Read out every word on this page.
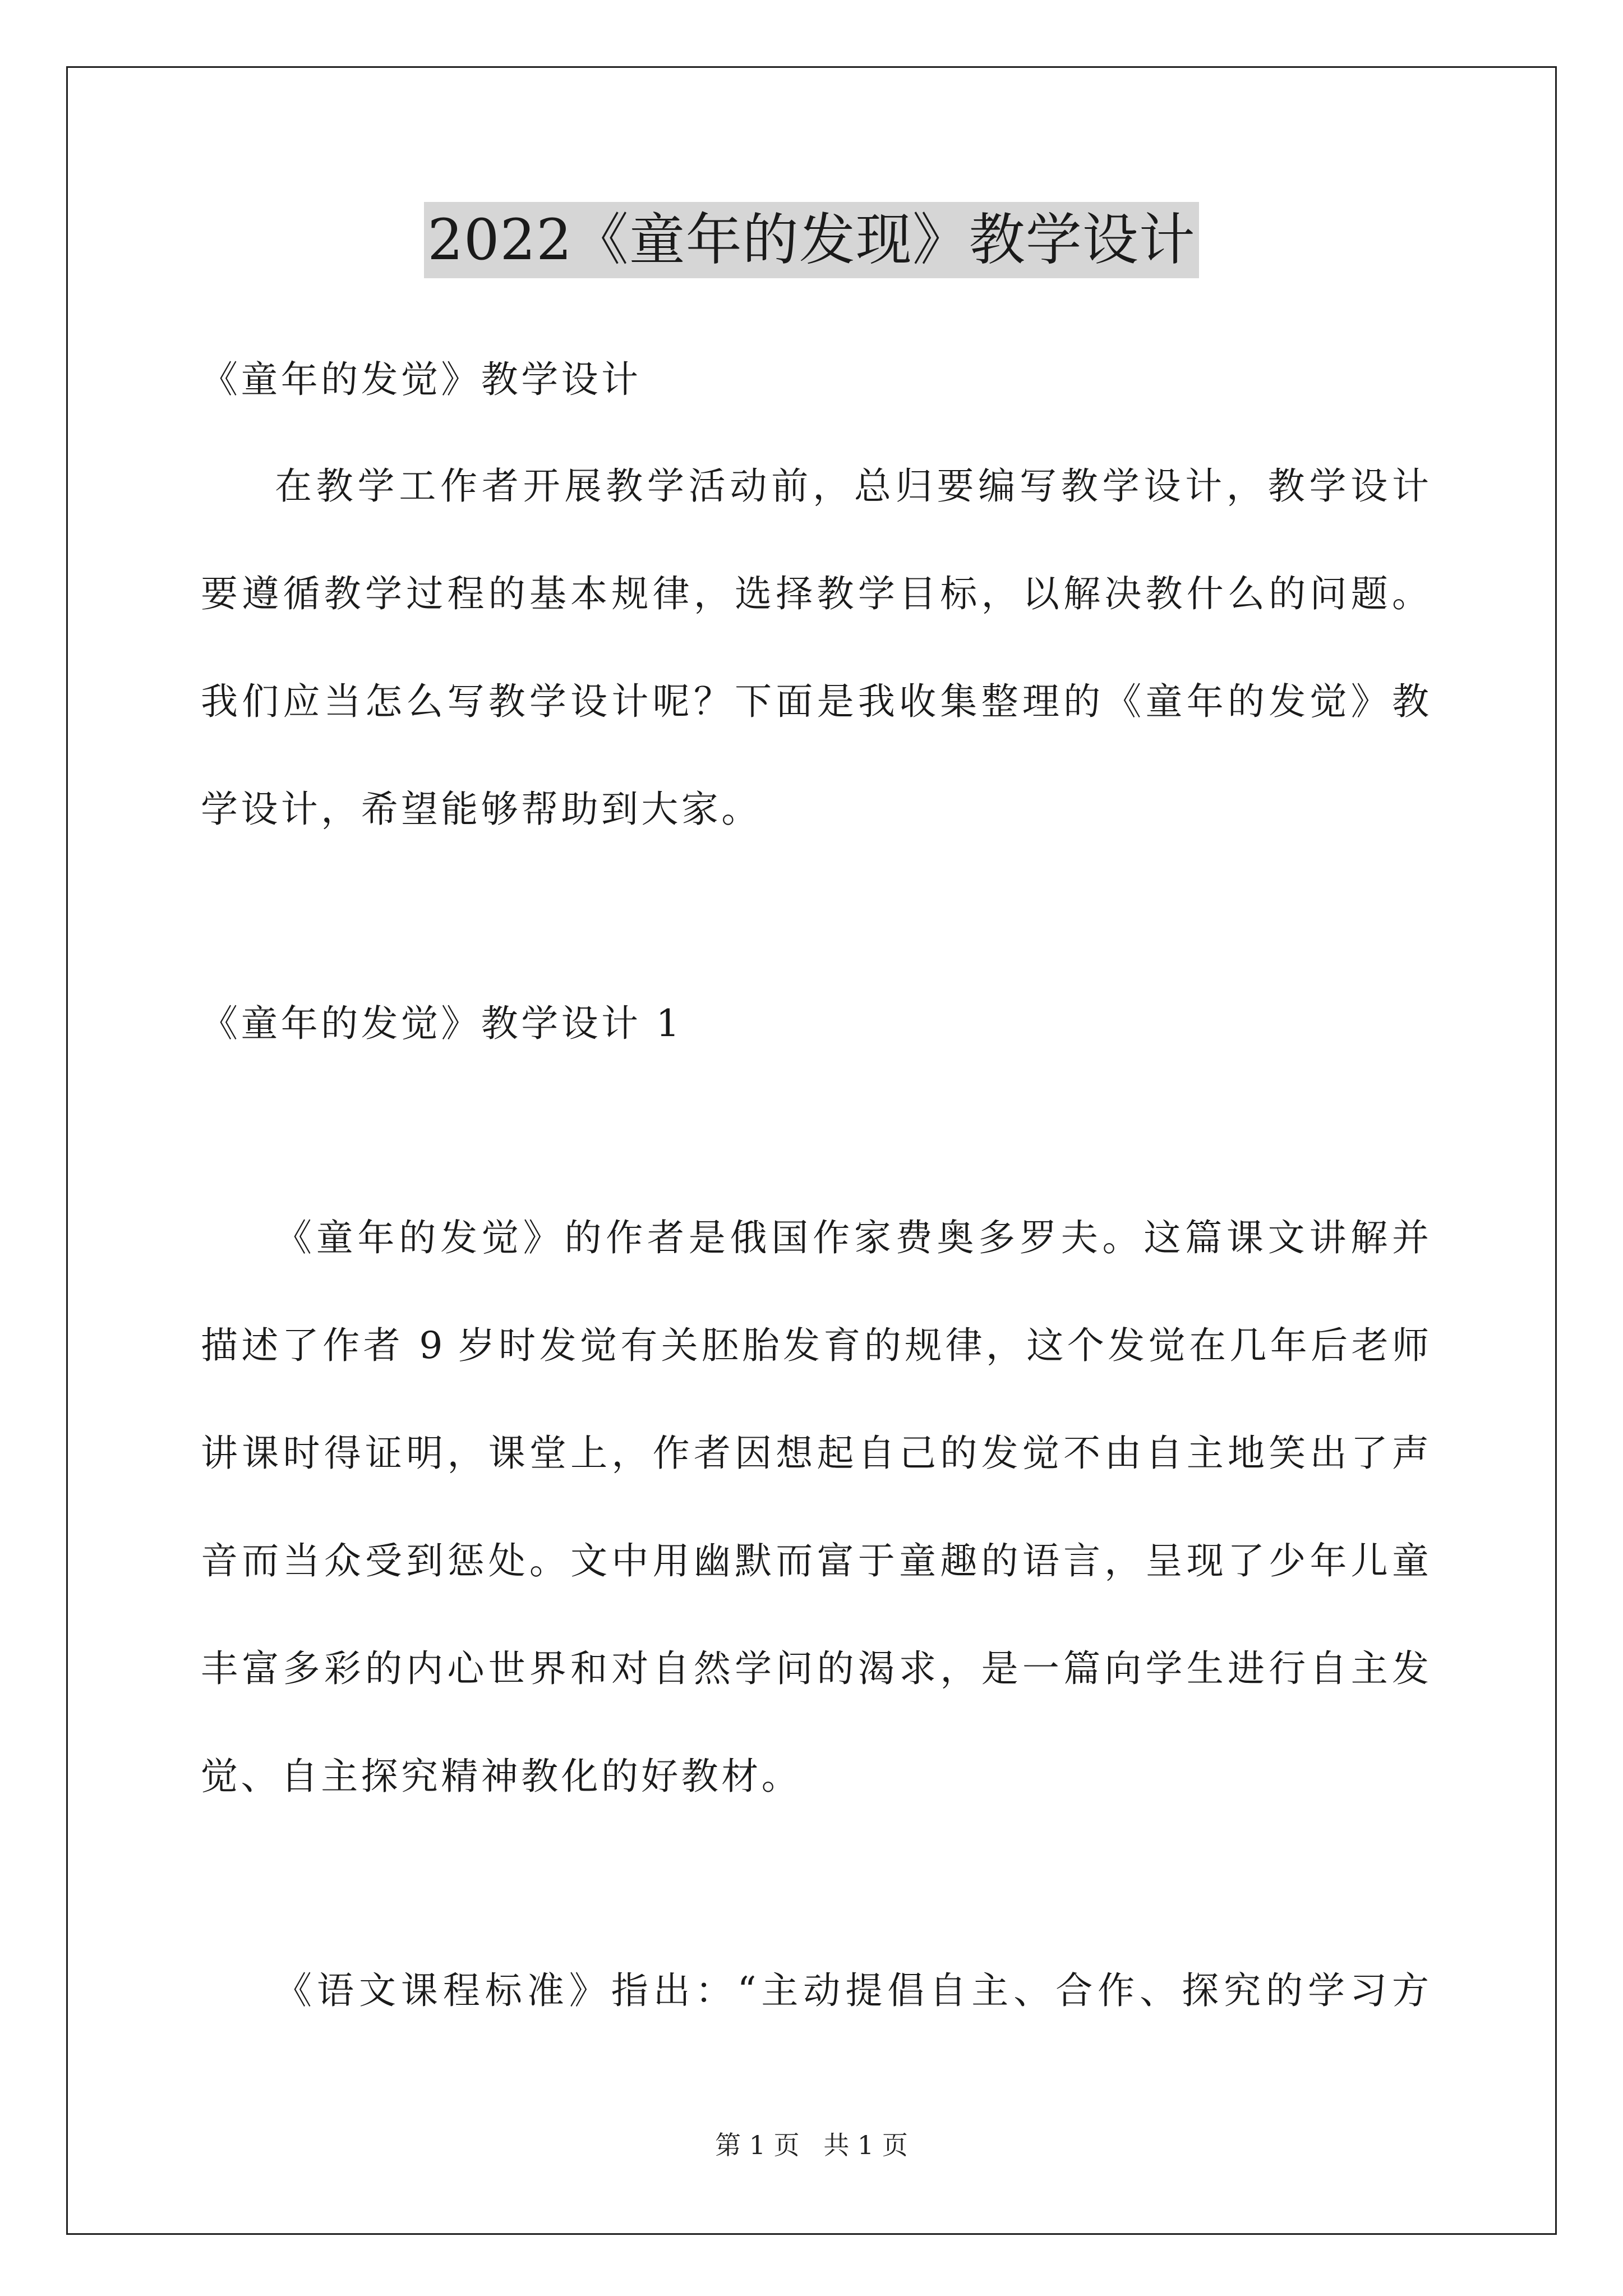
2022《童年的发现》教学设计
《童年的发觉》教学设计
在教学工作者开展教学活动前，总归要编写教学设计，教学设计
要遵循教学过程的基本规律，选择教学目标，以解决教什么的问题。
我们应当怎么写教学设计呢？下面是我收集整理的《童年的发觉》教
学设计，希望能够帮助到大家。
《童年的发觉》教学设计 1
《童年的发觉》的作者是俄国作家费奥多罗夫。这篇课文讲解并
描述了作者 9 岁时发觉有关胚胎发育的规律，这个发觉在几年后老师
讲课时得证明，课堂上，作者因想起自己的发觉不由自主地笑出了声
音而当众受到惩处。文中用幽默而富于童趣的语言，呈现了少年儿童
丰富多彩的内心世界和对自然学问的渴求，是一篇向学生进行自主发
觉、自主探究精神教化的好教材。
《语文课程标准》指出：“主动提倡自主、合作、探究的学习方
第 1 页 共 1 页
